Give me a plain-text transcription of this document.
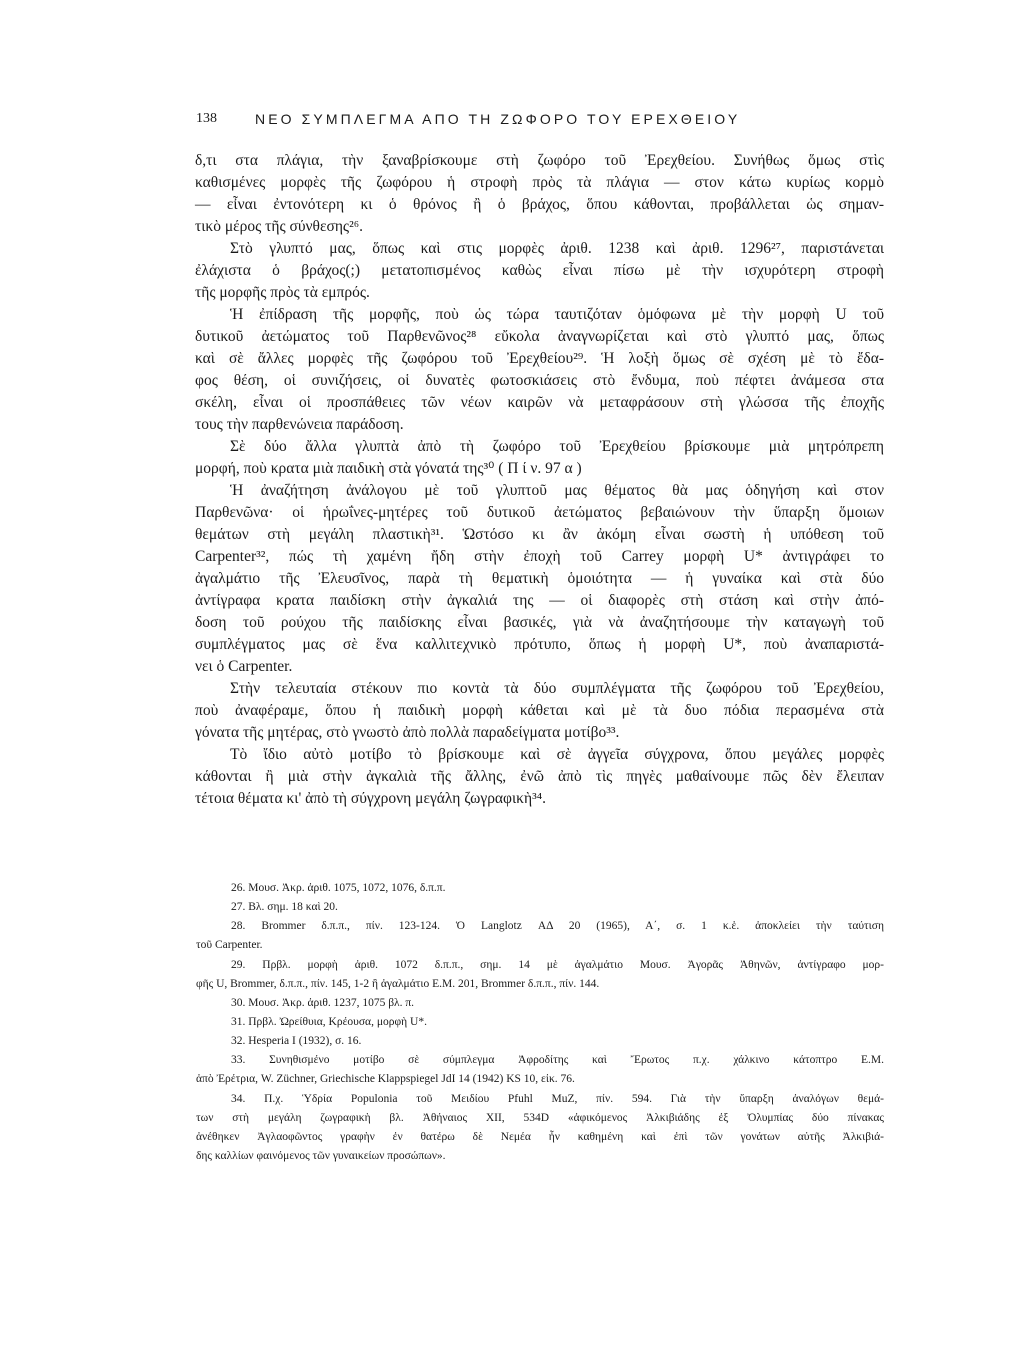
138	ΝΕΟ ΣΥΜΠΛΕΓΜΑ ΑΠΟ ΤΗ ΖΩΦΟΡΟ ΤΟΥ ΕΡΕΧΘΕΙΟΥ
δ,τι στα πλάγια, τὴν ξαναβρίσκουμε στὴ ζωφόρο τοῦ Ἐρεχθείου. Συνήθως ὅμως στὶς
καθισμένες μορφὲς τῆς ζωφόρου ἡ στροφὴ πρὸς τὰ πλάγια — στον κάτω κυρίως κορμὸ
— εἶναι ἐντονότερη κι ὁ θρόνος ἢ ὁ βράχος, ὅπου κάθονται, προβάλλεται ὡς σημαν-
τικὸ μέρος τῆς σύνθεσης²⁶.
Στὸ γλυπτό μας, ὅπως καὶ στις μορφὲς ἀριθ. 1238 καὶ ἀριθ. 1296²⁷, παριστάνεται
ἐλάχιστα ὁ βράχος(;) μετατοπισμένος καθὼς εἶναι πίσω μὲ τὴν ισχυρότερη στροφὴ
τῆς μορφῆς πρὸς τὰ εμπρός.
Ἡ ἐπίδραση τῆς μορφῆς, ποὺ ὡς τώρα ταυτιζόταν ὁμόφωνα μὲ τὴν μορφὴ U τοῦ
δυτικοῦ ἀετώματος τοῦ Παρθενῶνος²⁸ εὔκολα ἀναγνωρίζεται καὶ στὸ γλυπτό μας, ὅπως
καὶ σὲ ἄλλες μορφὲς τῆς ζωφόρου τοῦ Ἐρεχθείου²⁹. Ἡ λοξὴ ὅμως σὲ σχέση μὲ τὸ ἔδα-
φος θέση, οἱ συνιζήσεις, οἱ δυνατὲς φωτοσκιάσεις στὸ ἔνδυμα, ποὺ πέφτει ἀνάμεσα στα
σκέλη, εἶναι οἱ προσπάθειες τῶν νέων καιρῶν νὰ μεταφράσουν στὴ γλώσσα τῆς ἐποχῆς
τους τὴν παρθενώνεια παράδοση.
Σὲ δύο ἄλλα γλυπτὰ ἀπὸ τὴ ζωφόρο τοῦ Ἐρεχθείου βρίσκουμε μιὰ μητρόπρεπη
μορφή, ποὺ κρατα μιὰ παιδικὴ στὰ γόνατά της³⁰ ( Π ί ν. 97 α )
Ἡ ἀναζήτηση ἀνάλογου μὲ τοῦ γλυπτοῦ μας θέματος θὰ μας ὁδηγήση καὶ στον
Παρθενῶνα· οἱ ἡρωΐνες-μητέρες τοῦ δυτικοῦ ἀετώματος βεβαιώνουν τὴν ὕπαρξη ὅμοιων
θεμάτων στὴ μεγάλη πλαστικὴ³¹. Ὡστόσο κι ἂν ἀκόμη εἶναι σωστὴ ἡ υπόθεση τοῦ
Carpenter³², πώς τὴ χαμένη ἤδη στὴν ἐποχὴ τοῦ Carrey μορφὴ U* ἀντιγράφει το
ἀγαλμάτιο τῆς Ἐλευσῖνος, παρὰ τὴ θεματικὴ ὁμοιότητα — ἡ γυναίκα καὶ στὰ δύο
ἀντίγραφα κρατα παιδίσκη στὴν ἀγκαλιά της — οἱ διαφορὲς στὴ στάση καὶ στὴν ἀπό-
δοση τοῦ ρούχου τῆς παιδίσκης εἶναι βασικές, γιὰ νὰ ἀναζητήσουμε τὴν καταγωγὴ τοῦ
συμπλέγματος μας σὲ ἕνα καλλιτεχνικὸ πρότυπο, ὅπως ἡ μορφὴ U*, ποὺ ἀναπαριστά-
νει ὁ Carpenter.
Στὴν τελευταία στέκουν πιο κοντὰ τὰ δύο συμπλέγματα τῆς ζωφόρου τοῦ Ἐρεχθείου,
ποὺ ἀναφέραμε, ὅπου ἡ παιδικὴ μορφὴ κάθεται καὶ μὲ τὰ δυο πόδια περασμένα στὰ
γόνατα τῆς μητέρας, στὸ γνωστὸ ἀπὸ πολλὰ παραδείγματα μοτίβο³³.
Τὸ ἴδιο αὐτὸ μοτίβο τὸ βρίσκουμε καὶ σὲ ἀγγεῖα σύγχρονα, ὅπου μεγάλες μορφὲς
κάθονται ἢ μιὰ στὴν ἀγκαλιὰ τῆς ἄλλης, ἐνῶ ἀπὸ τὶς πηγὲς μαθαίνουμε πῶς δὲν ἔλειπαν
τέτοια θέματα κι' ἀπὸ τὴ σύγχρονη μεγάλη ζωγραφικὴ³⁴.
26. Μουσ. Ἀκρ. ἀριθ. 1075, 1072, 1076, δ.π.π.
27. Βλ. σημ. 18 καὶ 20.
28. Brommer δ.π.π., πίν. 123-124. Ὁ Langlotz ΑΔ 20 (1965), Α΄, σ. 1 κ.ἑ. ἀποκλείει τὴν ταύτιση
τοῦ Carpenter.
29. Πρβλ. μορφὴ ἀριθ. 1072 δ.π.π., σημ. 14 μὲ ἀγαλμάτιο Μουσ. Ἀγορᾶς Ἀθηνῶν, ἀντίγραφο μορ-
φῆς U, Brommer, δ.π.π., πίν. 145, 1-2 ἢ ἀγαλμάτιο Ε.Μ. 201, Brommer δ.π.π., πίν. 144.
30. Μουσ. Ἀκρ. ἀριθ. 1237, 1075 βλ. π.
31. Πρβλ. Ὠρείθυια, Κρέουσα, μορφὴ U*.
32. Hesperia I (1932), σ. 16.
33. Συνηθισμένο μοτίβο σὲ σύμπλεγμα Ἀφροδίτης καὶ Ἔρωτος π.χ. χάλκινο κάτοπτρο Ε.Μ.
ἀπὸ Ἐρέτρια, W. Züchner, Griechische Klappspiegel JdI 14 (1942) KS 10, εἰκ. 76.
34. Π.χ. Ὑδρία Populonia τοῦ Μειδίου Pfuhl MuZ, πίν. 594. Γιὰ τὴν ὕπαρξη ἀναλόγων θεμά-
των στὴ μεγάλη ζωγραφικὴ βλ. Ἀθήναιος XII, 534D «ἀφικόμενος Ἀλκιβιάδης ἐξ Ὀλυμπίας δύο πίνακας
ἀνέθηκεν Ἀγλαοφῶντος γραφὴν ἐν θατέρω δὲ Νεμέα ἦν καθημένη καὶ ἐπὶ τῶν γονάτων αὐτῆς Ἀλκιβιά-
δης καλλίων φαινόμενος τῶν γυναικείων προσώπων».
